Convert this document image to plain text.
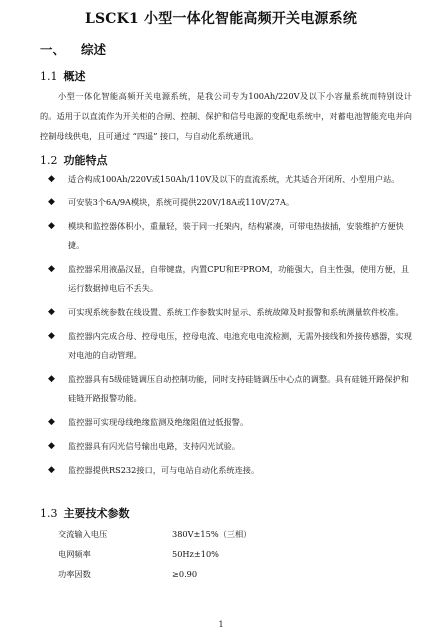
LSCK1 小型一体化智能高频开关电源系统
一、 综述
1.1 概述

小型一体化智能高频开关电源系统，是我公司专为100Ah/220V及以下小容量系统而特别设计的。适用于以直流作为开关柜的合闸、控制、保护和信号电源的变配电系统中，对蓄电池智能充电并向控制母线供电，且可通过 “四遥” 接口，与自动化系统通讯。

1.2 功能特点
◆ 适合构成100Ah/220V或150Ah/110V及以下的直流系统，尤其适合开闭所、小型用户站。
◆ 可安装3个6A/9A模块，系统可提供220V/18A或110V/27A。
◆ 模块和监控器体积小，重量轻，装于同一托架内，结构紧凑，可带电热拔插，安装维护方便快捷。
◆ 监控器采用液晶汉显，自带键盘，内置CPU和E²PROM，功能强大，自主性强，使用方便，且运行数据掉电后不丢失。
◆ 可实现系统参数在线设置、系统工作参数实时显示、系统故障及时报警和系统测量软件校准。
◆ 监控器内完成合母、控母电压，控母电流、电池充电电流检测，无需外接线和外接传感器，实现对电池的自动管理。
◆ 监控器具有5级硅链调压自动控制功能，同时支持硅链调压中心点的调整。具有硅链开路保护和硅链开路报警功能。
◆ 监控器可实现母线绝缘监测及绝缘阻值过低报警。
◆ 监控器具有闪光信号输出电路，支持闪光试验。
◆ 监控器提供RS232接口，可与电站自动化系统连接。
1.3 主要技术参数
交流输入电压	380V±15%（三相）
电网频率	50Hz±10%
功率因数	≥0.90
1
